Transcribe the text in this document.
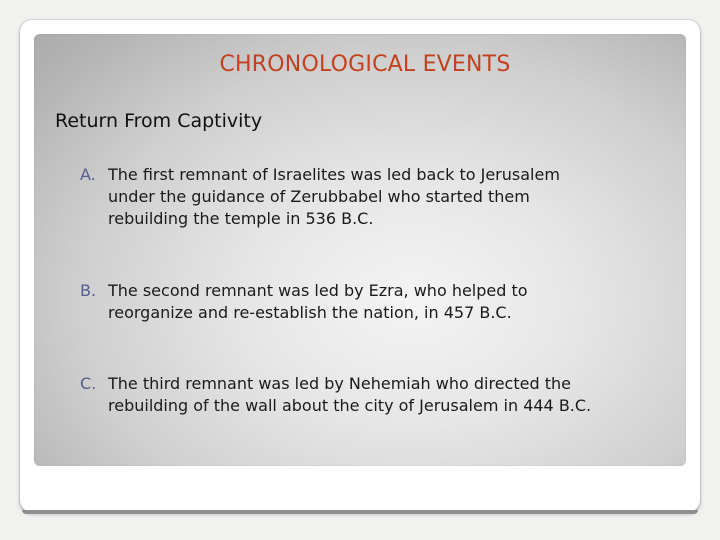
CHRONOLOGICAL EVENTS
Return From Captivity
A. The first remnant of Israelites was led back to Jerusalem
under the guidance of Zerubbabel who started them
rebuilding the temple in 536 B.C.
B. The second remnant was led by Ezra, who helped to
reorganize and re-establish the nation, in 457 B.C.
C. The third remnant was led by Nehemiah who directed the
rebuilding of the wall about the city of Jerusalem in 444 B.C.
